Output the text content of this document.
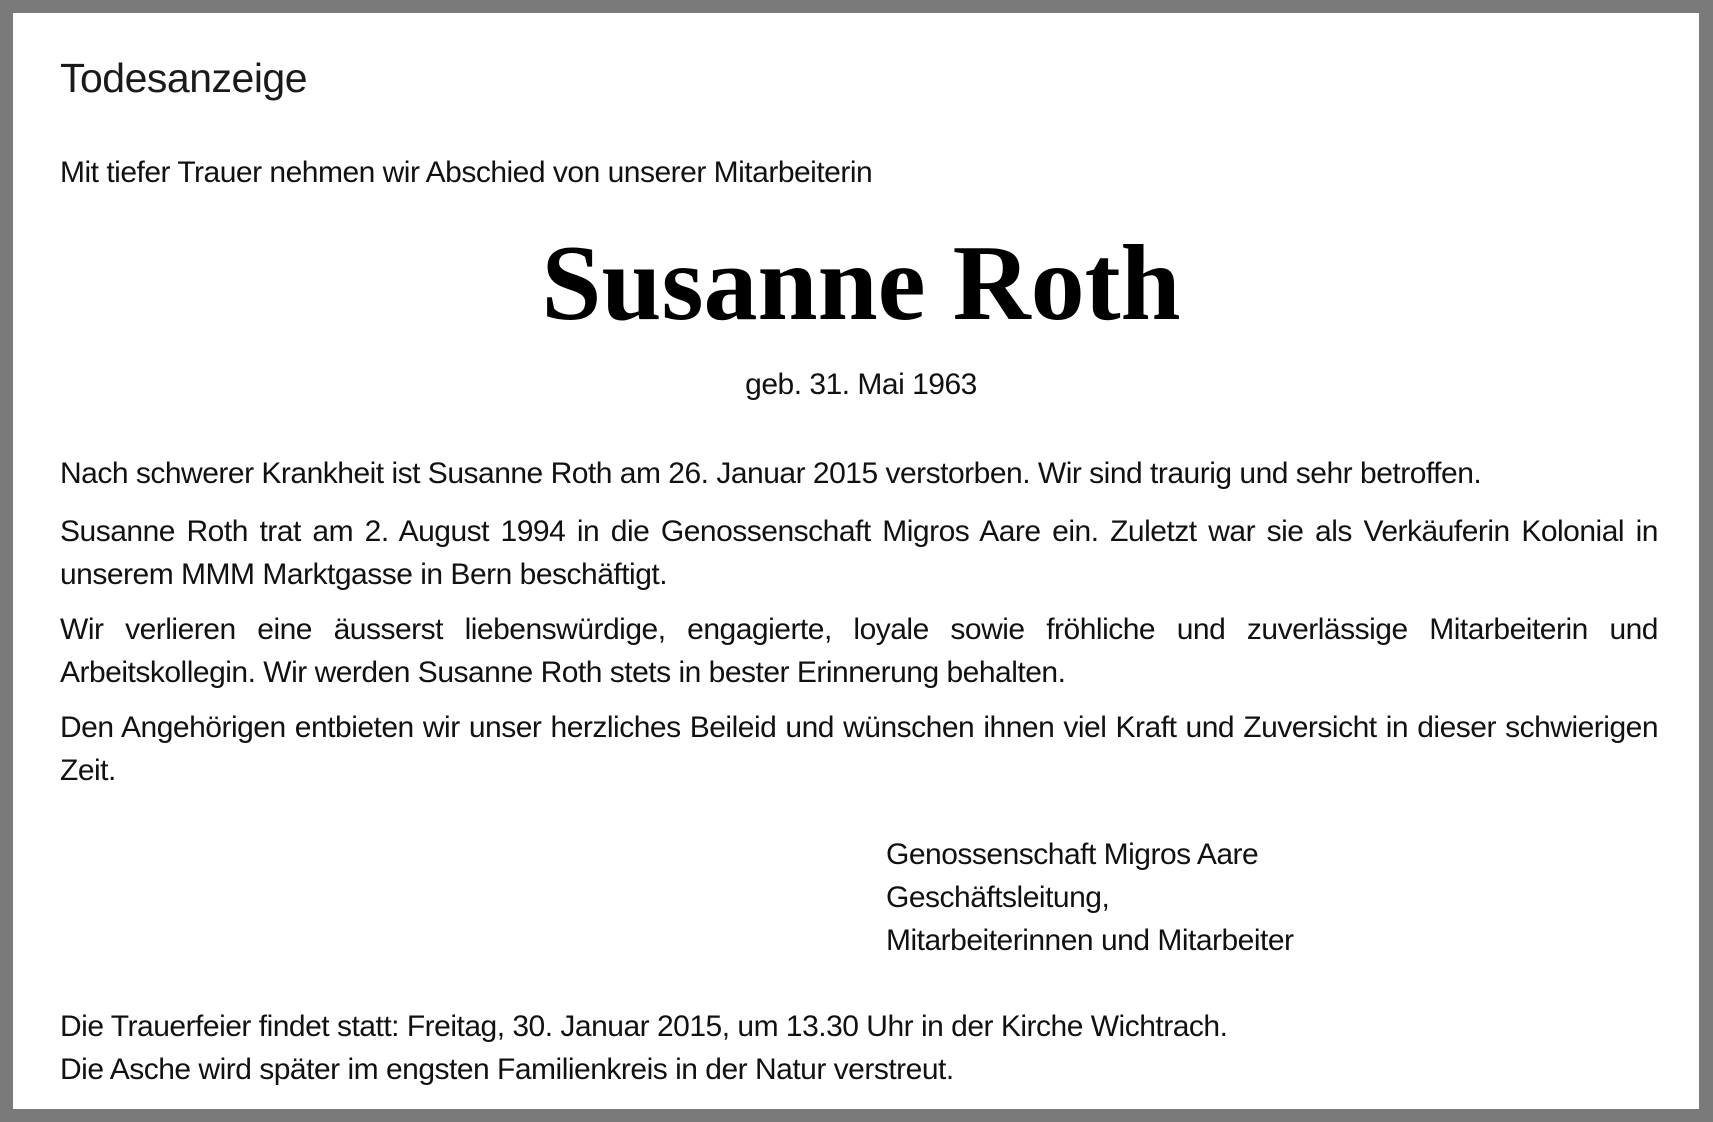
Todesanzeige

Mit tiefer Trauer nehmen wir Abschied von unserer Mitarbeiterin

Susanne Roth

geb. 31. Mai 1963

Nach schwerer Krankheit ist Susanne Roth am 26. Januar 2015 verstorben. Wir sind traurig und sehr betroffen.

Susanne Roth trat am 2. August 1994 in die Genossenschaft Migros Aare ein. Zuletzt war sie als Verkäuferin Kolonial in unserem MMM Marktgasse in Bern beschäftigt.

Wir verlieren eine äusserst liebenswürdige, engagierte, loyale sowie fröhliche und zuverlässige Mitarbeiterin und Arbeitskollegin. Wir werden Susanne Roth stets in bester Erinnerung behalten.

Den Angehörigen entbieten wir unser herzliches Beileid und wünschen ihnen viel Kraft und Zuversicht in dieser schwierigen Zeit.

Genossenschaft Migros Aare
Geschäftsleitung,
Mitarbeiterinnen und Mitarbeiter
Die Trauerfeier findet statt: Freitag, 30. Januar 2015, um 13.30 Uhr in der Kirche Wichtrach.
Die Asche wird später im engsten Familienkreis in der Natur verstreut.
